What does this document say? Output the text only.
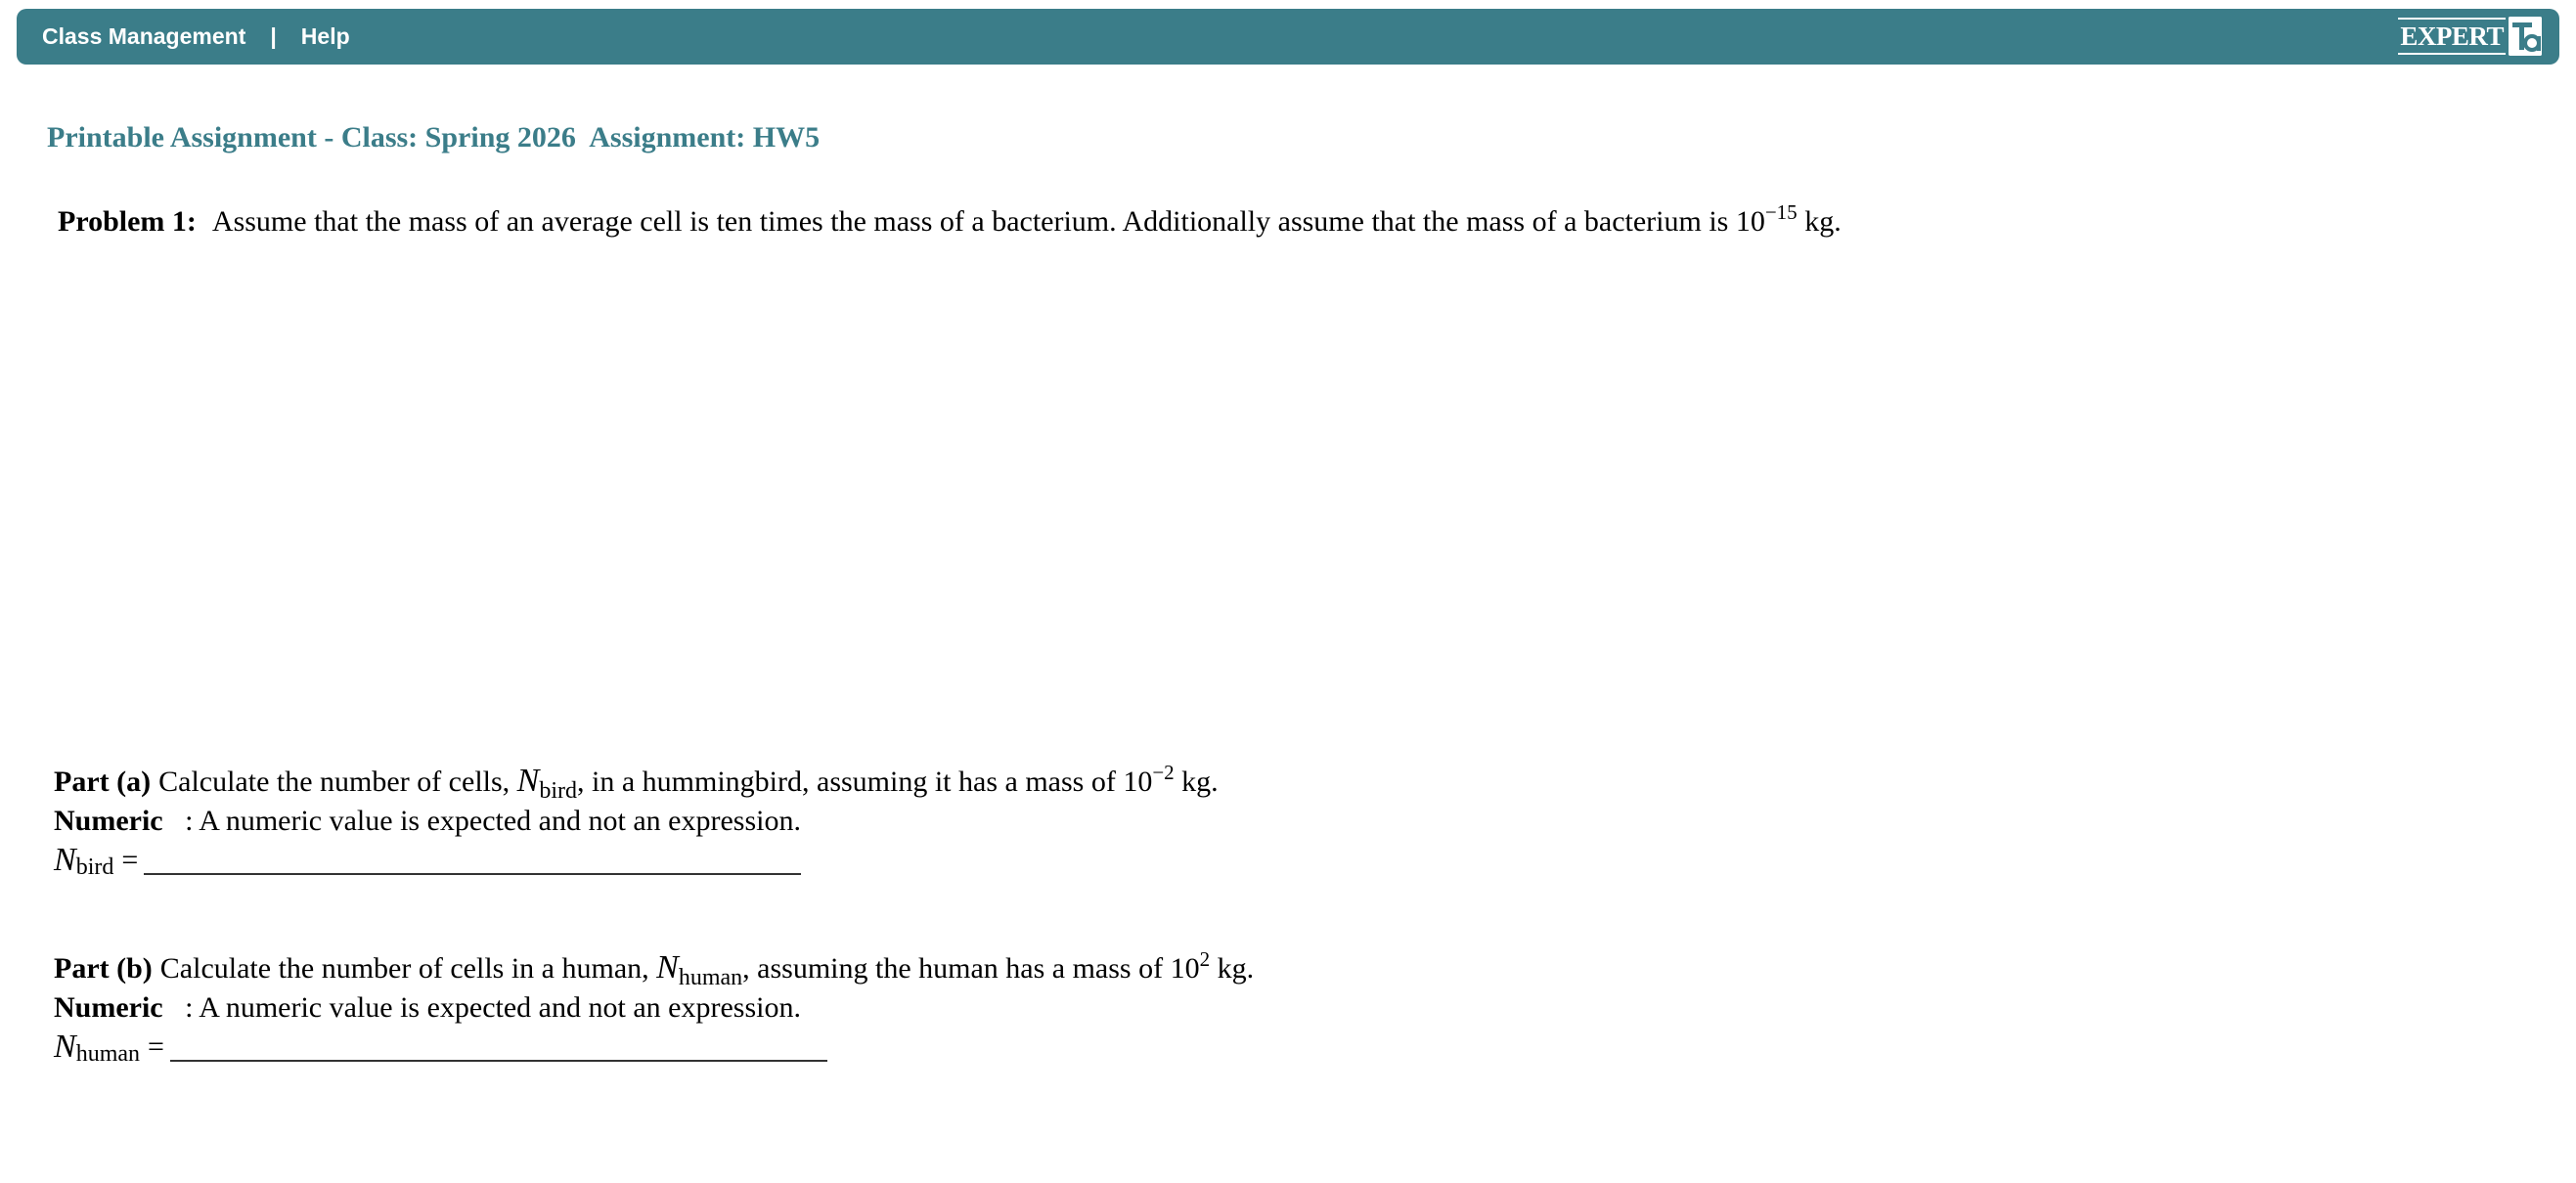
Class Management | Help	EXPERT
Printable Assignment - Class: Spring 2026  Assignment: HW5
Problem 1: Assume that the mass of an average cell is ten times the mass of a bacterium. Additionally assume that the mass of a bacterium is $10^{-15}$ kg.
Part (a) Calculate the number of cells, $N_{bird}$, in a hummingbird, assuming it has a mass of $10^{-2}$ kg.
Numeric   : A numeric value is expected and not an expression.
$N_{bird}$ =
Part (b) Calculate the number of cells in a human, $N_{human}$, assuming the human has a mass of $10^2$ kg.
Numeric   : A numeric value is expected and not an expression.
$N_{human}$ =
